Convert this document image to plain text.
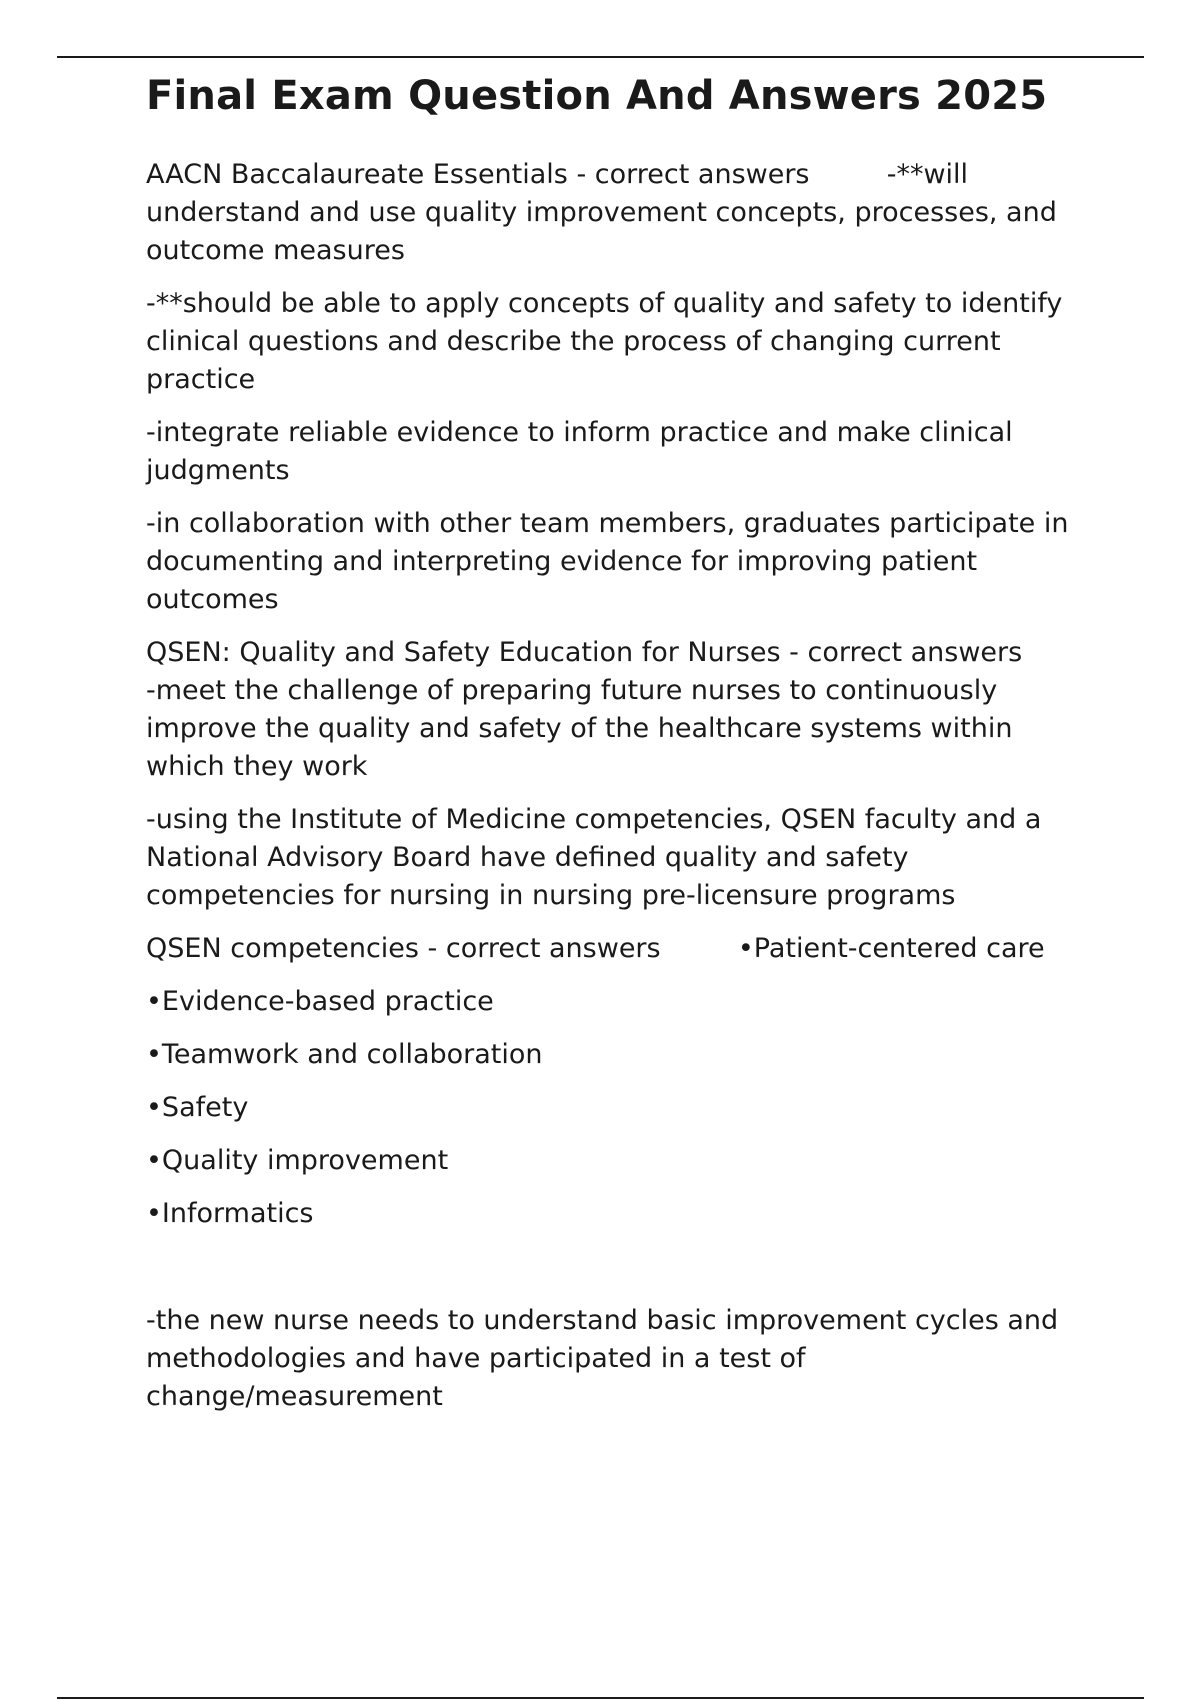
Final Exam Question And Answers 2025

AACN Baccalaureate Essentials - correct answers         -**will understand and use quality improvement concepts, processes, and outcome measures

-**should be able to apply concepts of quality and safety to identify clinical questions and describe the process of changing current practice

-integrate reliable evidence to inform practice and make clinical judgments

-in collaboration with other team members, graduates participate in documenting and interpreting evidence for improving patient outcomes

QSEN: Quality and Safety Education for Nurses - correct answers         -meet the challenge of preparing future nurses to continuously improve the quality and safety of the healthcare systems within which they work

-using the Institute of Medicine competencies, QSEN faculty and a National Advisory Board have defined quality and safety competencies for nursing in nursing pre-licensure programs

QSEN competencies - correct answers         •Patient-centered care

•Evidence-based practice

•Teamwork and collaboration

•Safety

•Quality improvement

•Informatics

-the new nurse needs to understand basic improvement cycles and methodologies and have participated in a test of change/measurement
